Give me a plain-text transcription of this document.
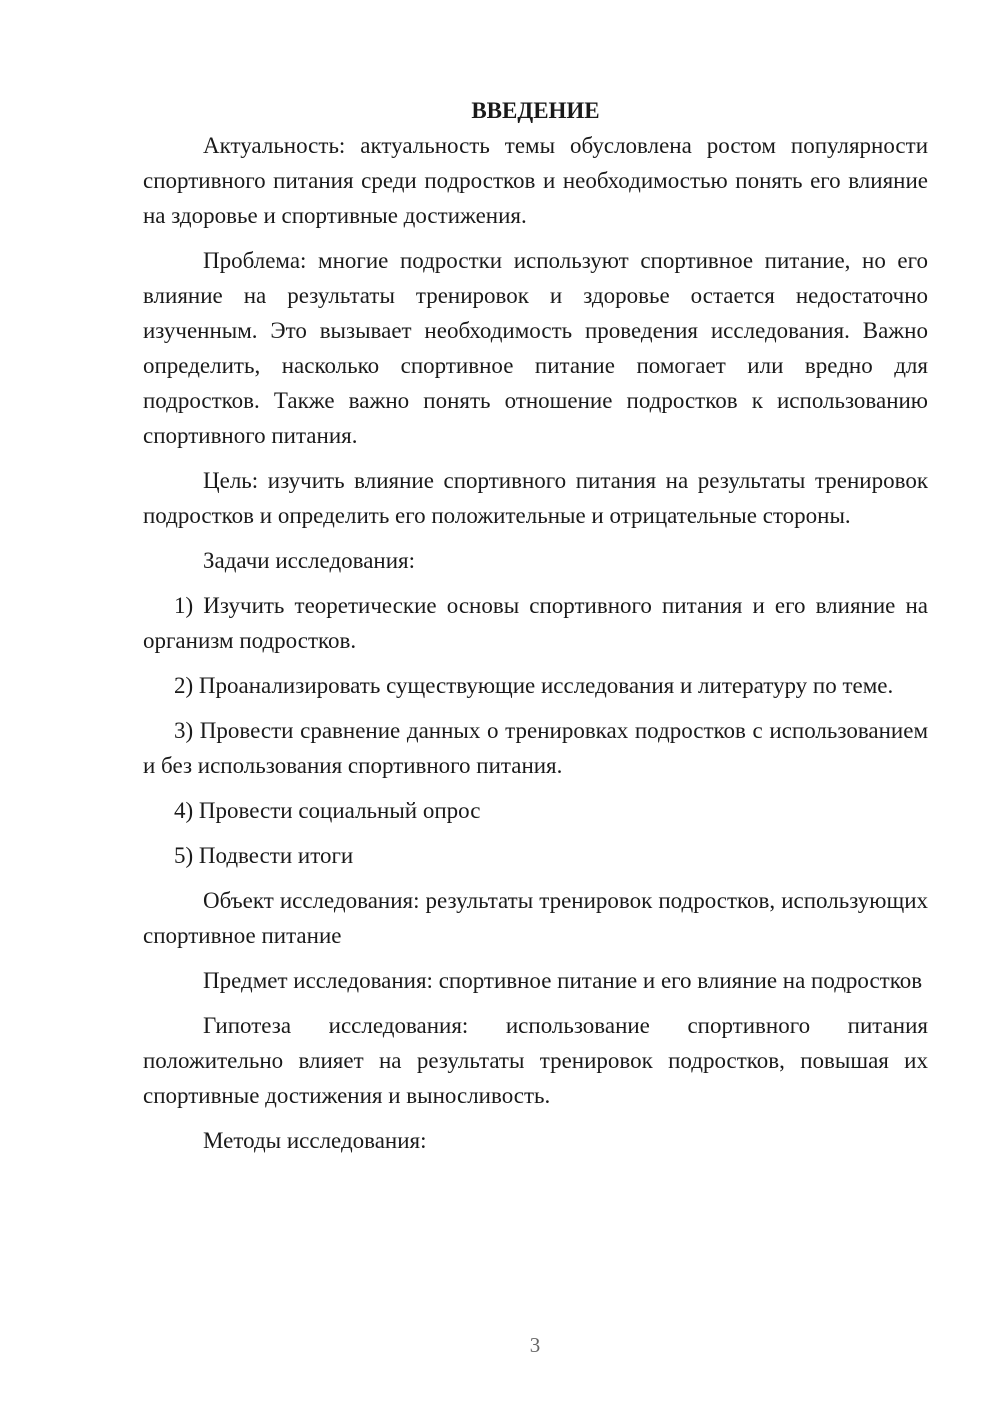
ВВЕДЕНИЕ

Актуальность: актуальность темы обусловлена ростом популярности спортивного питания среди подростков и необходимостью понять его влияние на здоровье и спортивные достижения.

Проблема: многие подростки используют спортивное питание, но его влияние на результаты тренировок и здоровье остается недостаточно изученным. Это вызывает необходимость проведения исследования. Важно определить, насколько спортивное питание помогает или вредно для подростков. Также важно понять отношение подростков к использованию спортивного питания.

Цель: изучить влияние спортивного питания на результаты тренировок подростков и определить его положительные и отрицательные стороны.

Задачи исследования:

1) Изучить теоретические основы спортивного питания и его влияние на организм подростков.

2) Проанализировать существующие исследования и литературу по теме.

3) Провести сравнение данных о тренировках подростков с использованием и без использования спортивного питания.

4) Провести социальный опрос

5) Подвести итоги

Объект исследования: результаты тренировок подростков, использующих спортивное питание

Предмет исследования: спортивное питание и его влияние на подростков

Гипотеза исследования: использование спортивного питания положительно влияет на результаты тренировок подростков, повышая их спортивные достижения и выносливость.

Методы исследования:

3
